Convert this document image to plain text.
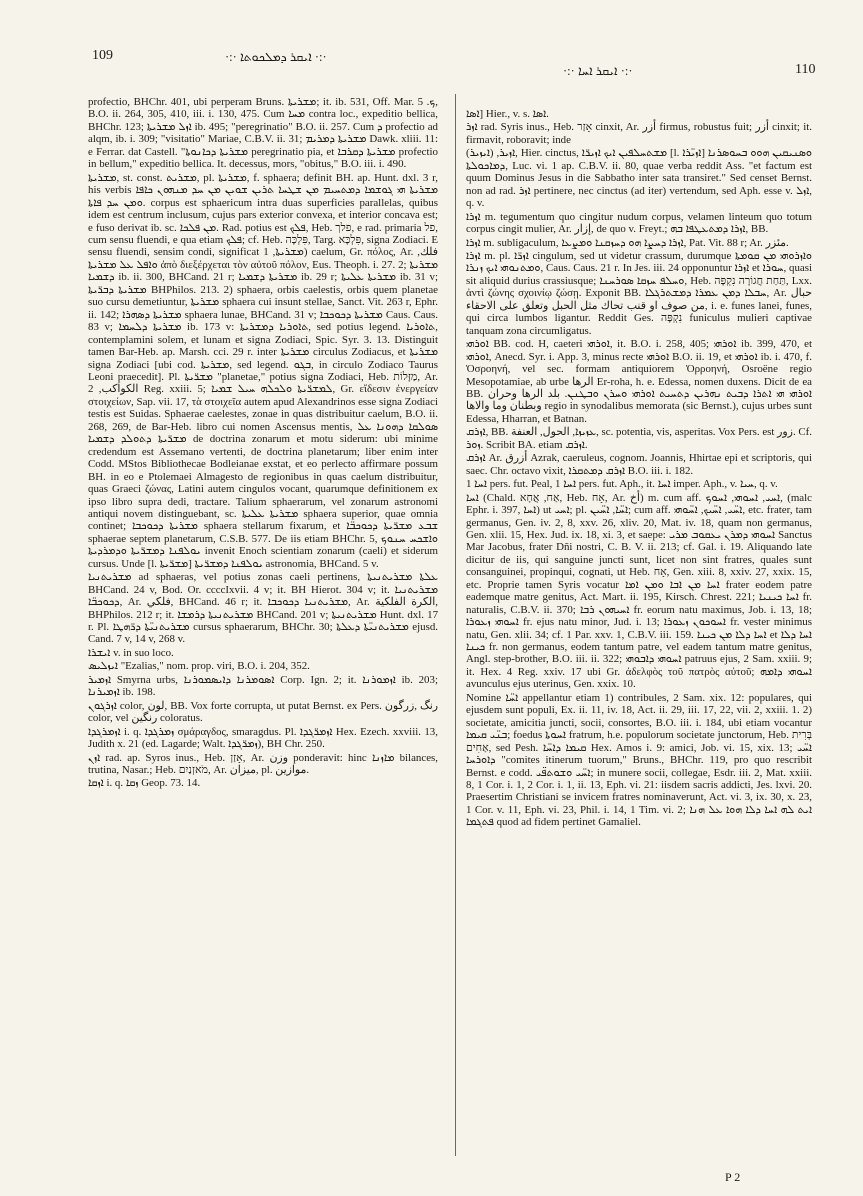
109	·:· ܐܝܩܪ ܕܡܠܟܘܬܐ ·:·
·:· ܐܝܩܪ ܐܚܐ ·:·	110

profectio, BHChr. 401, ubi perperam Bruns. ܡܫܪܝܬܐ; it. ib. 531, Off. Mar. ܟ. 5, B.O. ii. 264, 305, 410, iii. i. 130, 475. Cum ܡܚܐ contra loc., expeditio bellica, BHChr. 123; ܐܙܠ ܡܫܪܝܬܐ ib. 495; "peregrinatio" B.O. ii. 257. Cum ܕ profectio ad alqm, ib. i. 309; "visitatio" Mariae, C.B.V. ii. 31; ܡܫܪܝܬܐ ܕܡܪܝܡ Dawk. xliii. 11: e Ferrar. dat Castell. "ܡܫܪܝܬܐ ܕܟܐܢܘܬܐ peregrinatio pia, et ܡܫܪܝܬܐ ܕܩܪܒܐ profectio in bellum," expeditio bellica. It. decessus, mors, "obitus," B.O. iii. i. 490.

ܡܫܪܝܬܐ, st. const. ܡܫܪܝܬ, pl. ܡܫܪܝܬܐ, f. sphaera; definit BH. ap. Hunt. dxl. 3 r, his verbis ܡܫܪܝܬܐ ܗܝ ܓܘܫܡܐ ܕܡܬܚܝܡ ܡܢ ܫܛܚܐ ܬܪܝܢ ܫܘܝܢ ܡܢ ܚܕ ܡܢܗܘܢ ܟܐܦܐ ܘܡܢ ܚܕ ܦܐܬܐ. corpus est sphaericum intra duas superficies parallelas, quibus idem est centrum inclusum, cujus pars exterior convexa, et interior concava est; e fuso derivat ib. sc. ܡܢ ܦܠܟܐ. Rad. potius est ܦܠܟ, Heb. פלך, e rad. primaria פל, cum sensu fluendi, e qua etiam ܦܠܟ; cf. Heb. פִּלְכָּה, Targ. פִּלְכָּא, signa Zodiaci. E sensu fluendi, sensim condi, significat ܡܫܪܝܬܐ, 1) caelum, Gr. πόλος, Ar. فلك, ܘܐܦܠ ܥܠ ܡܫܪܝܬܐ ἀπὸ διεξέρχεται τὸν αὐτοῦ πόλον, Eus. Theoph. i. 27. 2; ܡܫܪܝܬܐ ܕܫܡܝܐ ib. ii. 300, BHCand. 21 r; ܡܫܪܝܬܐ ܕܫܡܝܐ ib. 29 r; ܡܫܪܝܬܐ ܥܠܝܬܐ ib. 31 v; ܡܫܪܝܬܐ ܕܒܪ̈ܝܬܐ BHPhilos. 213. 2) sphaera, orbis caelestis, orbis quem planetae suo cursu demetiuntur, ܡܫܪܝܬܐ sphaera cui insunt stellae, Sanct. Vit. 263 r, Ephr. ii. 142; ܡܫܪܝܬܐ ܕܣܗܪܐ sphaera lunae, BHCand. 31 v; ܡܫܪܝܬܐ ܕܟܘܟܒܐ Caus. Caus. 83 v; ܡܫܪܝܬܐ ܕܠܚܡܐ ib. 173 v: ܬܐܘܪܝܐ ܕܡܫܪܝܬܐ, sed potius legend. ܬܐܘܪܝܐ, contemplamini solem, et lunam et signa Zodiaci, Spic. Syr. 3. 13. Distinguit tamen Bar-Heb. ap. Marsh. cci. 29 r. inter ܡܫܪܝܬܐ circulus Zodiacus, et ܡܫܪܝܬܐ signa Zodiaci [ubi cod. ܡܫܪܝܬܐ, sed legend. ܒܓܘ, in circulo Zodiaco Taurus Leoni praecedit]. Pl. ܡܫܪ̈ܝܬܐ "planetae," potius signa Zodiaci, Heb. מַזָּלוֹת, Ar. الكواكب, 2 Reg. xxiii. 5; ܠܡܫܪ̈ܝܬܐ ܘܠܟܠܗ ܚܝܠ ܫܡܝܐ, Gr. εἴδεσιν ἐνεργείαν στοιχείων, Sap. vii. 17, τὰ στοιχεῖα autem apud Alexandrinos esse signa Zodiaci testis est Suidas. Sphaerae caelestes, zonae in quas distribuitur caelum, B.O. ii. 268, 269, de Bar-Heb. libro cui nomen Ascensus mentis, ܣܘܠܩܐ ܕܗܘܢܐ ܥܠ ܡܫܪ̈ܝܬܐ ܕܬܘܠܕ ܕܫܡܝܐ de doctrina zonarum et motu siderum: ubi minime credendum est Assemano vertenti, de doctrina planetarum; liber enim inter Codd. MStos Bibliothecae Bodleianae exstat, et eo perlecto affirmare possum BH. in eo e Ptolemaei Almagesto de regionibus in quas caelum distribuitur, quas Graeci ζώνας, Latini autem cingulos vocant, quarumque definitionem ex ipso libro supra dedi, tractare. Talium sphaerarum, vel zonarum astronomi antiqui novem distinguebant, sc. ܡܫܪܝܬܐ ܥܠܝܬܐ sphaera superior, quae omnia continet; ܡܫܪܝܬܐ ܕܟܘܟܒܐ sphaera stellarum fixarum, et ܫܒܥ ܡܫܪ̈ܝܬܐ ܕܟܘܟܒ̈ܐ sphaerae septem planetarum, C.S.B. 577. De iis etiam BHChr. 5, ܘܐܫܟܚ ܚܢܘܟ ܝܘܠܦܢܐ ܕܡܫܪ̈ܝܬܐ ܘܕܡܪܕܝܬܐ invenit Enoch scientiam zonarum (caeli) et siderum cursus. Unde [l. ܡܫܪ̈ܝܬܐ] ܝܘܠܦܢܐ ܕܡܫܪ̈ܝܬܐ astronomia, BHCand. 5 v.

ܡܫܪܝܬܢܝܐ ad sphaeras, vel potius zonas caeli pertinens, ܥܠܬܐ ܡܫܪܝܬܢܝܬܐ BHCand. 24 v, Bod. Or. ccccIxvii. 4 v; it. BH Hierot. 304 v; it. ܡܫܪܝܬܢܝܐ ܕܟܘܟܒ̈ܐ, Ar. فلكي, BHCand. 46 r; it. ܡܫܪܝܬܢܝܐ ܕܟܘܟܒܐ, Ar. الكرة الفلكية, BHPhilos. 212 r; it. ܡܫܪܝܬܢܝܬܐ ܕܪܡܫܐ BHCand. 201 v; ܡܫܪܝܬܢܝܬܐ Hunt. dxl. 17 r. Pl. ܡܫܪܝܬܢܝ̈ܬܐ ܕܪ̈ܗܛܐ cursus sphaerarum, BHChr. 30; ܡܫܪܝܬܢܝ̈ܬܐ ܕܥܠܬܐ ejusd. Cand. 7 v, 14 v, 268 v.

ܐܝܫܪܐ v. in suo loco.

ܐܝܙܠܝܣ "Ezalias," nom. prop. viri, B.O. i. 204, 352.

ܐܙܡܝܪ Smyrna urbs, ܐܣܘܡܪܢܐ ܕܐܝܣܡܘܪܢܐ Corp. Ign. 2; it. ܐܙܡܘܪܢܐ ib. 203; ܐܙܡܝܪܢܐ ib. 198.

ܐܙܪܓܘܢ color, لون, BB. Vox forte corrupta, ut putat Bernst. ex Pers. رنگ ,زرگون color, vel رنگین coloratus.

ܐܙܡܪܓܕܐ i. q. ܙܡܪܓܕܐ σμάραγδος, smaragdus. Pl. ܐܙܡܪ̈ܓܕܐ Hex. Ezech. xxviii. 13, Judith x. 21 (ed. Lagarde; Walt. ܙܡܪ̈ܓܕܐ), BH Chr. 250.

ܐܙܢ rad. ap. Syros inus., Heb. אָזַן, Ar. وزن ponderavit: hinc ܡܐܙܢܐ bilances, trutina, Nasar.; Heb. מֹאזְנַיִם, Ar. ميزان, pl. موازين.

ܐܙܩܐ i. q. ܙܩܐ Geop. 73. 14.

ܐܣܐ] Hier., v. s. ܐܣܐ.

ܐܙܪ rad. Syris inus., Heb. אָזַר cinxit, Ar. أزر firmus, robustus fuit; أزر cinxit; it. firmavit, roboravit; inde

ܐܙܝܪ, (ܐܝܙܝܪ), Hier. cinctus, ܡܫܬܚܠܦܝܢ ܐܝܟ ܐܙܝܪ̈ܐ [l. ܐܙܝ̈ܪܐ] ܘܣܢܝܩܝܢ ܗܘܘ ܒܚܘܣܪܢܐ ܕܡܐܟܘܠܬܐ, Luc. vi. 1 ap. C.B.V. ii. 80, quae verba reddit Ass. "et factum est quum Dominus Jesus in die Sabbatho inter sata transiret." Sed censet Bernst. non ad rad. ܐܙܪ pertinere, nec cinctus (ad iter) vertendum, sed Aph. esse v. ܐܙܠ, q. v.

ܐܙܪܐ m. tegumentum quo cingitur nudum corpus, velamen linteum quo totum corpus cingit mulier, Ar. إزار, de quo v. Freyt.; ܐܙܪܐ ܕܡܬܥܛܦܐ ܒܗ, BB.

ܐܙܪܐ m. subligaculum, ܐܙܪܐ ܕܚܨܐ ܗܘ ܕܚܙܩܢܐ ܘܡܨܥܐ, Pat. Vit. 88 r; Ar. مئزر.

ܐܙܪܐ m. pl. ܐܙܪ̈ܐ cingulum, sed ut videtur crassum, durumque ܘܐܙܪܘܗܝ ܡܢ ܩܘܡܬܐ ܘܡܬܢܘܗܝ ܐܝܟ ܙܢܪܐ, Caus. Caus. 21 r. In Jes. iii. 24 opponuntur ܐܙܪܐ et ܚܘܪܐ, quasi sit aliquid durius crassiusque; ܘܚܠܦ ܚܙܩܐ ܣܘܪܚܢܐ, Heb. תַּחַת חֲגוֹרָה נִקְפָּה, Lxx. ἀντὶ ζώνης σχοινίῳ ζώσῃ. Exponit BB. ܚܒܠܐ ܕܡܢ ܥܡܪܐ ܕܡܫܬܪܓܠܐ, Ar. حبال من صوف او قنب تحاك مثل الحبل وتعلق على الاحقاء, i. e. funes lanei, funes, qui circa lumbos ligantur. Reddit Ges. נִקְפָּה funiculus mulieri captivae tanquam zona circumligatus.

ܐܘܪܗܝ BB. cod. H, caeteri ܐܘܪܗܝ, it. B.O. i. 258, 405; ܐܘܪܗܝ ib. 399, 470, et ܐܘܪܗܝ, Anecd. Syr. i. App. 3, minus recte ܐܘܪܗܝ B.O. ii. 19, et ܐܘܪܗܝ ib. i. 470, f. Ὀσροηνή, vel sec. formam antiquiorem Ὀρροηνή, Osroëne regio Mesopotamiae, ab urbe الرها Er-roha, h. e. Edessa, nomen duxens. Dicit de ea BB. ܐܘܪܗܝ ܗܝ ܐܬܪܐ ܕܒܝܬ ܢܗܪܝܢ ܕܬܚܝܬ ܐܘܪܗܝ ܘܚܪܢ ܘܒܛܢܢ. بلد الرها وحران وبطنان وما والاها regio in synodalibus memorata (sic Bernst.), cujus urbes sunt Edessa, Hharran, et Batnan.

ܐܙܪܩ, BB. ܥܙܝܙܐ, الحول, العنفة, sc. potentia, vis, asperitas. Vox Pers. est زور. Cf. ܙܘܪ. Scribit BA. etiam ܐܙܪܩ.

ܐܙܪܩ Ar. أزرق Azrak, caeruleus, cognom. Joannis, Hhirtae epi et scriptoris, qui saec. Chr. octavo vixit, ܐܙܪܩ ܕܡܬܩܪܐ B.O. iii. i. 182.

ܐܚܐ 1 pers. fut. Peal, ܐܚܐ 1 pers. fut. Aph., it. ܐܚܐ imper. Aph., v. ܚܝܐ, q. v.

ܐܚܐ (Chald. אַח, אֲחָא, Heb. אָח, Ar. أخ) m. cum aff. ܐܚܝ, ܐܚܘܗܝ, ܐܚܘܟ, (malc Ephr. i. 397, ܐܚܐ) ut ܐܚܝ; pl. ܐܚ̈ܐ, ܐܚ̈ܝܢ; cum aff. ܐܚ̈ܝ, ܐܚ̈ܝܟ, ܐܚ̈ܘܗܝ, etc. frater, tam germanus, Gen. iv. 2, 8, xxv. 26, xliv. 20, Mat. iv. 18, quam non germanus, Gen. xlii. 15, Hex. Jud. ix. 18, xi. 3, et saepe: ܐܚܘܗܝ ܕܡܪܢ ܝܥܩܘܒ ܡܪܝ Sanctus Mar Jacobus, frater Dñi nostri, C. B. V. ii. 213; cf. Gal. i. 19. Aliquando late dicitur de iis, qui sanguine juncti sunt, licet non sint fratres, quales sunt consanguinei, propinqui, cognati, ut Heb. אָח, Gen. xiii. 8, xxiv. 27, xxix. 15, etc. Proprie tamen Syris vocatur ܐܚܐ ܡܢ ܐܒܐ ܘܡܢ ܐܡܐ frater eodem patre eademque matre genitus, Act. Mart. ii. 195, Kirsch. Chrest. 221; ܐܚܐ ܟܝܢܝܐ fr. naturalis, C.B.V. ii. 370; ܐܚܝܗܘܢ ܪܒܐ fr. eorum natu maximus, Job. i. 13, 18; ܐܚܘܗܝ ܙܥܘܪܐ fr. ejus natu minor, Jud. i. 13; ܐܚܘܟܘܢ ܙܥܘܪܐ fr. vester minimus natu, Gen. xlii. 34; cf. 1 Par. xxv. 1, C.B.V. iii. 159. ܐܚܐ ܕܠܐ ܡܢ ܟܝܢܐ et ܐܚܐ ܕܠܐ ܟܝܢܐ fr. non germanus, eodem tantum patre, vel eadem tantum matre genitus, Angl. step-brother, B.O. iii. ii. 322; ܐܚܘܗܝ ܕܐܒܘܗܝ patruus ejus, 2 Sam. xxiii. 9; it. Hex. 4 Reg. xxiv. 17 ubi Gr. ἀδελφὸς τοῦ πατρὸς αὐτοῦ; ܐܚܘܗܝ ܕܐܡܗ avunculus ejus uterinus, Gen. xxix. 10.

Nomine ܐܚ̈ܐ appellantur etiam 1) contribules, 2 Sam. xix. 12: populares, qui ejusdem sunt populi, Ex. ii. 11, iv. 18, Act. ii. 29, iii. 17, 22, vii. 2, xxiii. 1. 2) societate, amicitia juncti, socii, consortes, B.O. iii. i. 184, ubi etiam vocantur ܒܢ̈ܝ ܩܝܡܐ; foedus ܐܚܘܬܐ fratrum, h.e. populorum societate junctorum, Heb. בְּרִית אַחִים, sed Pesh. ܩܝܡܐ ܕܐܚ̈ܐ Hex. Amos i. 9: amici, Job. vi. 15, xix. 13; ܐܚ̈ܝ ܕܐܘܪܚܐ "comites itinerum tuorum," Bruns., BHChr. 119, pro quo rescribit Bernst. e codd. ܐܚ̈ܝ ܘܫܘܬܦ̈ܝ; in munere socii, collegae, Esdr. iii. 2, Mat. xxiii. 8, 1 Cor. i. 1, 2 Cor. i. 1, ii. 13, Eph. vi. 21: iisdem sacris addicti, Jes. lxvi. 20. Praesertim Christiani se invicem fratres nominaverunt, Act. vi. 3, ix. 30, x. 23, 1 Cor. v. 11, Eph. vi. 23, Phil. i. 14, 1 Tim. vi. 2; ܐܝܬ ܠܗ ܐܚܐ ܕܠܐ ܗܘܐ ܥܠ ܗܢܐ ܦܬܓܡܐ quod ad fidem pertinet Gamaliel.

P 2
